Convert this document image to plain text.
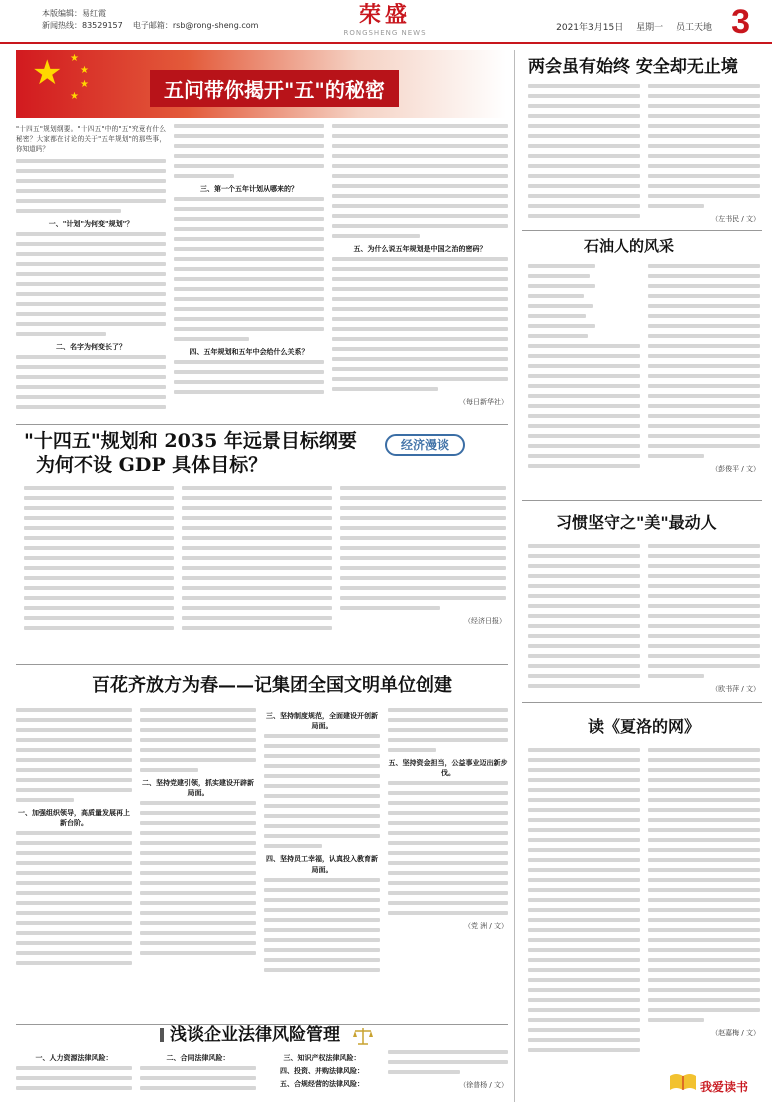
本版编辑：易红霞
新闻热线：83529157 电子邮箱：rsb@rong-sheng.com	荣盛
RONGSHENG NEWS	2021年3月15日 星期一 员工天地 3
★ ★
★
★
★	五问带你揭开"五"的秘密
"十四五"规划纲要。"十四五"中的"五"究竟有什么秘密？大家都在讨论的关于"五年规划"的那些事，你知道吗？
一、"计划"为何变"规划"？
二、名字为何变长了？
三、第一个五年计划从哪来的？
四、五年规划和五年中会给什么关系？
五、为什么说五年规划是中国之治的密码？
（每日新华社）
"十四五"规划和 2035 年远景目标纲要
为何不设 GDP 具体目标？
经济漫谈
（经济日报）
百花齐放方为春——记集团全国文明单位创建
一、加强组织领导，高质量发展再上新台阶。
二、坚持党建引领，抓实建设开辟新局面。
三、坚持制度规范，全面建设开创新局面。
四、坚持员工幸福，认真投入教育新局面。
五、坚持资金担当，公益事业迈出新步伐。
（党 洲 / 文）
浅谈企业法律风险管理
一、人力资源法律风险：	二、合同法律风险：	三、知识产权法律风险：
四、投资、并购法律风险：
五、合规经营的法律风险：	（徐普杨 / 文）
两会虽有始终 安全却无止境
（左书民 / 文）
石油人的风采
（彭俊平 / 文）
习惯坚守之"美"最动人
（欧书萍 / 文）
读《夏洛的网》
（赵嘉梅 / 文）
我爱读书
